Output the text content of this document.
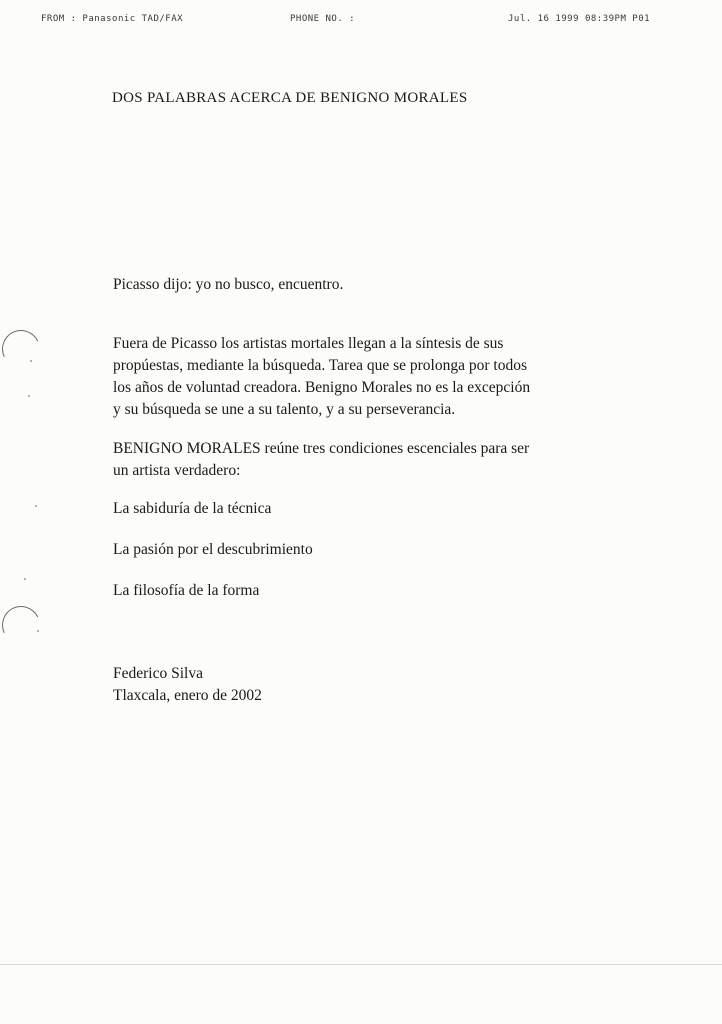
FROM : Panasonic TAD/FAX	PHONE NO. :	Jul. 16 1999 08:39PM P01
DOS PALABRAS ACERCA DE BENIGNO MORALES

Picasso dijo: yo no busco, encuentro.

Fuera de Picasso los artistas mortales llegan a la síntesis de sus

propúestas, mediante la búsqueda. Tarea que se prolonga por todos

los años de voluntad creadora. Benigno Morales no es la excepción

y su búsqueda se une a su talento, y a su perseverancia.

BENIGNO MORALES reúne tres condiciones escenciales para ser

un artista verdadero:

La sabiduría de la técnica

La pasión por el descubrimiento

La filosofía de la forma

Federico Silva

Tlaxcala, enero de 2002
